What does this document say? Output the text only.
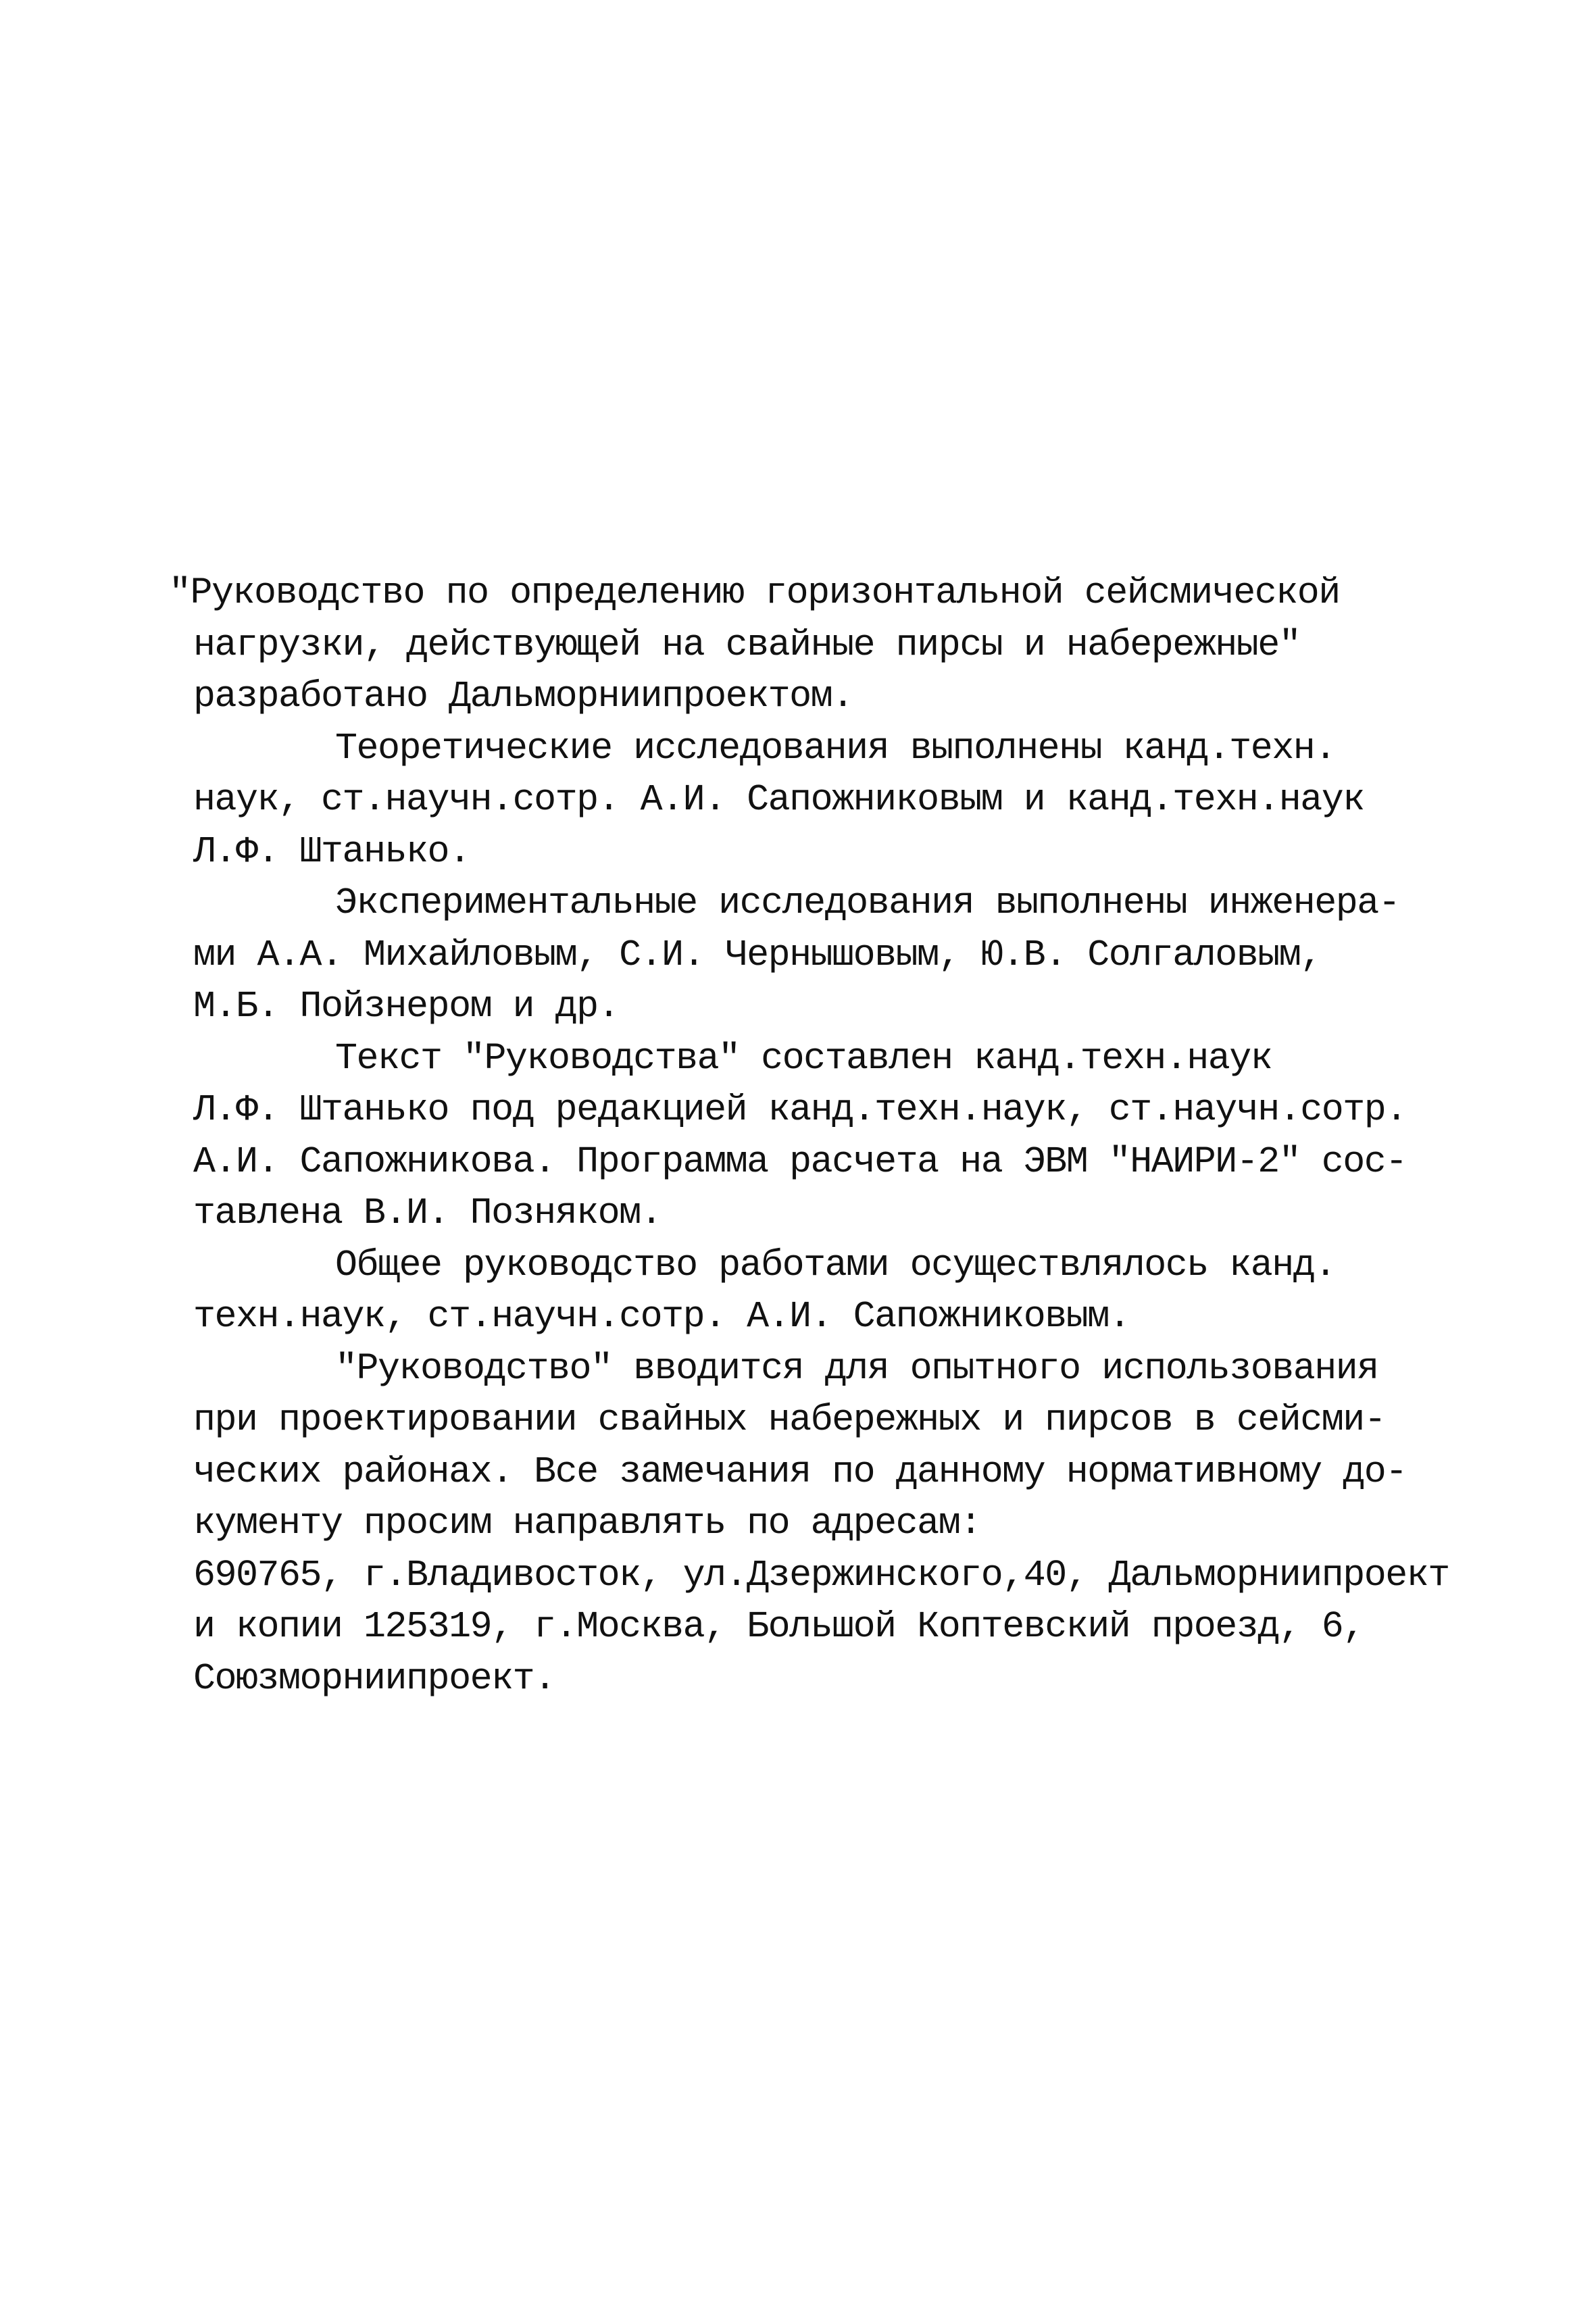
"Руководство по определению горизонтальной сейсмической
нагрузки, действующей на свайные пирсы и набережные"
разработано Дальморниипроектом.
Теоретические исследования выполнены канд.техн.
наук, ст.научн.сотр. А.И. Сапожниковым и канд.техн.наук
Л.Ф. Штанько.
Экспериментальные исследования выполнены инженера-
ми А.А. Михайловым, С.И. Чернышовым, Ю.В. Солгаловым,
М.Б. Пойзнером и др.
Текст "Руководства" составлен канд.техн.наук
Л.Ф. Штанько под редакцией канд.техн.наук, ст.научн.сотр.
А.И. Сапожникова. Программа расчета на ЭВМ "НАИРИ-2" сос-
тавлена В.И. Позняком.
Общее руководство работами осуществлялось канд.
техн.наук, ст.научн.сотр. А.И. Сапожниковым.
"Руководство" вводится для опытного использования
при проектировании свайных набережных и пирсов в сейсми-
ческих районах. Все замечания по данному нормативному до-
кументу просим направлять по адресам:
690765, г.Владивосток, ул.Дзержинского,40, Дальморниипроект
и копии 125319, г.Москва, Большой Коптевский проезд, 6,
Союзморниипроект.
